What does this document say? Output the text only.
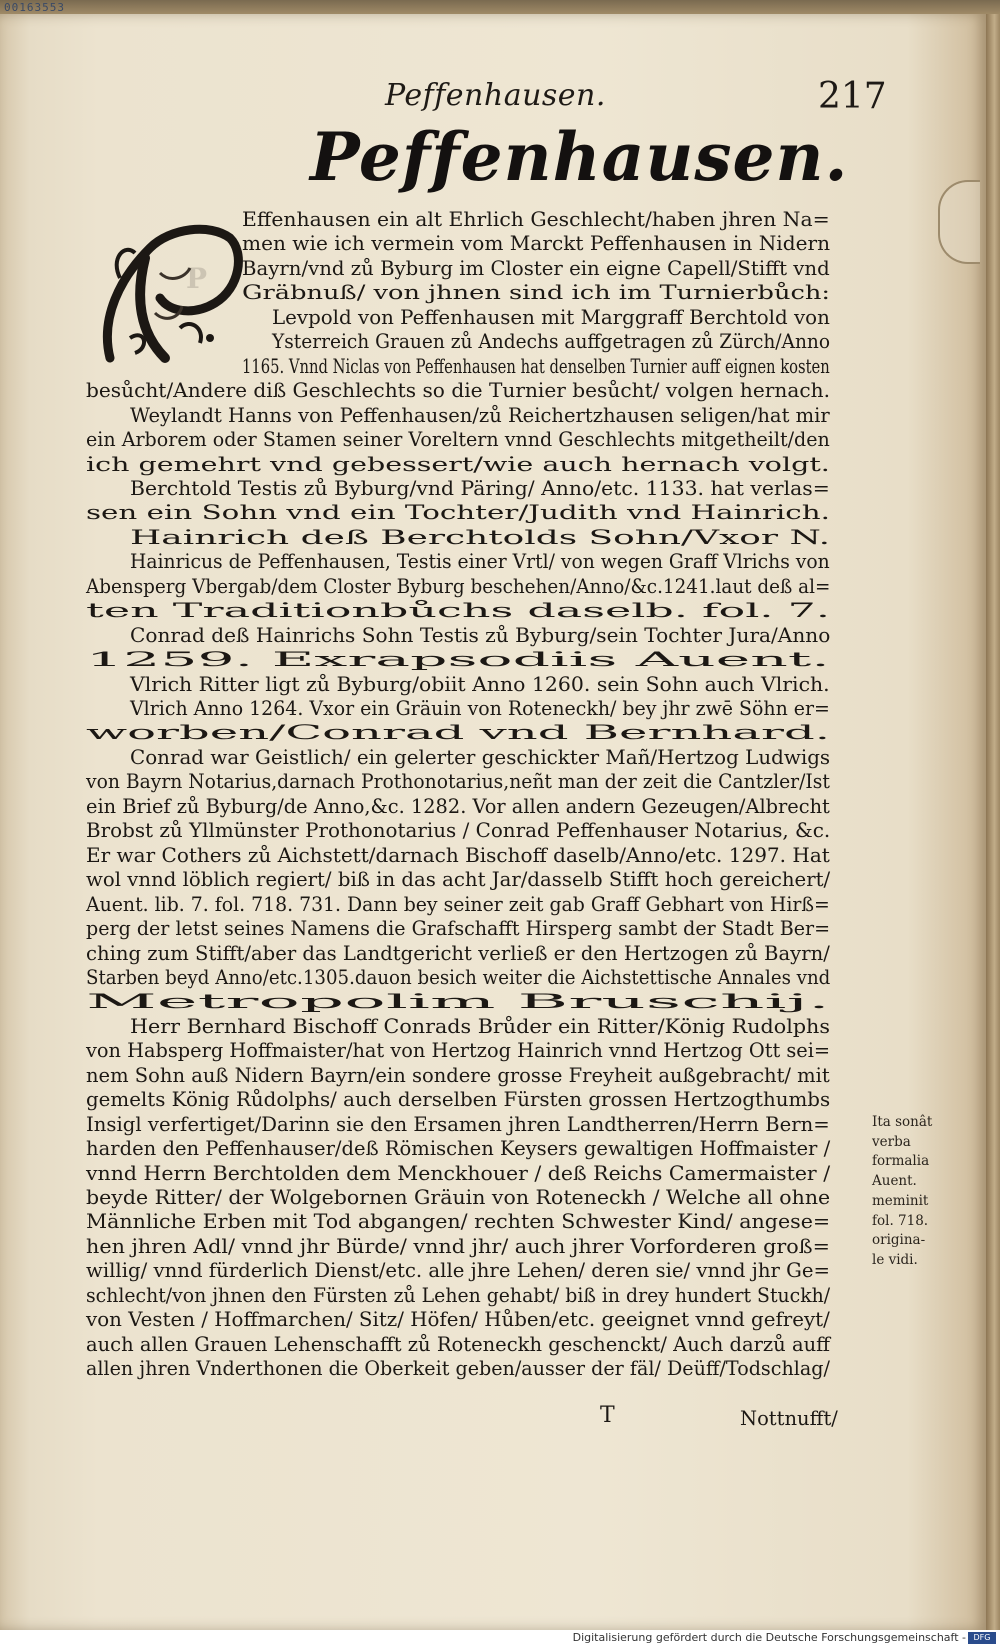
00163553
Peffenhausen.	217
Peffenhausen.
P
Effenhausen ein alt Ehrlich Geschlecht/haben jhren Na=
men wie ich vermein vom Marckt Peffenhausen in Nidern
Bayrn/vnd zů Byburg im Closter ein eigne Capell/Stifft vnd
Gräbnuß/ von jhnen sind ich im Turnierbůch:
Levpold von Peffenhausen mit Marggraff Berchtold von
Ysterreich Grauen zů Andechs auffgetragen zů Zürch/Anno
1165. Vnnd Niclas von Peffenhausen hat denselben Turnier auff eignen kosten
besůcht/Andere diß Geschlechts so die Turnier besůcht/ volgen hernach.
Weylandt Hanns von Peffenhausen/zů Reichertzhausen seligen/hat mir
ein Arborem oder Stamen seiner Voreltern vnnd Geschlechts mitgetheilt/den
ich gemehrt vnd gebessert/wie auch hernach volgt.
Berchtold Testis zů Byburg/vnd Päring/ Anno/etc. 1133. hat verlas=
sen ein Sohn vnd ein Tochter/Judith vnd Hainrich.
Hainrich deß Berchtolds Sohn/Vxor N.
Hainricus de Peffenhausen, Testis einer Vrtl/ von wegen Graff Vlrichs von
Abensperg Vbergab/dem Closter Byburg beschehen/Anno/&c.1241.laut deß al=
ten Traditionbůchs daselb. fol. 7.
Conrad deß Hainrichs Sohn Testis zů Byburg/sein Tochter Jura/Anno
1259. Exrapsodiis Auent.
Vlrich Ritter ligt zů Byburg/obiit Anno 1260. sein Sohn auch Vlrich.
Vlrich Anno 1264. Vxor ein Gräuin von Roteneckh/ bey jhr zwē Söhn er=
worben/Conrad vnd Bernhard.
Conrad war Geistlich/ ein gelerter geschickter Mañ/Hertzog Ludwigs
von Bayrn Notarius,darnach Prothonotarius,neñt man der zeit die Cantzler/Ist
ein Brief zů Byburg/de Anno,&c. 1282. Vor allen andern Gezeugen/Albrecht
Brobst zů Yllmünster Prothonotarius / Conrad Peffenhauser Notarius, &c.
Er war Cothers zů Aichstett/darnach Bischoff daselb/Anno/etc. 1297. Hat
wol vnnd löblich regiert/ biß in das acht Jar/dasselb Stifft hoch gereichert/
Auent. lib. 7. fol. 718. 731. Dann bey seiner zeit gab Graff Gebhart von Hirß=
perg der letst seines Namens die Grafschafft Hirsperg sambt der Stadt Ber=
ching zum Stifft/aber das Landtgericht verließ er den Hertzogen zů Bayrn/
Starben beyd Anno/etc.1305.dauon besich weiter die Aichstettische Annales vnd
Metropolim Bruschij.
Herr Bernhard Bischoff Conrads Brůder ein Ritter/König Rudolphs
von Habsperg Hoffmaister/hat von Hertzog Hainrich vnnd Hertzog Ott sei=
nem Sohn auß Nidern Bayrn/ein sondere grosse Freyheit außgebracht/ mit
gemelts König Růdolphs/ auch derselben Fürsten grossen Hertzogthumbs
Insigl verfertiget/Darinn sie den Ersamen jhren Landtherren/Herrn Bern=
harden den Peffenhauser/deß Römischen Keysers gewaltigen Hoffmaister /
vnnd Herrn Berchtolden dem Menckhouer / deß Reichs Camermaister /
beyde Ritter/ der Wolgebornen Gräuin von Roteneckh / Welche all ohne
Männliche Erben mit Tod abgangen/ rechten Schwester Kind/ angese=
hen jhren Adl/ vnnd jhr Bürde/ vnnd jhr/ auch jhrer Vorforderen groß=
willig/ vnnd fürderlich Dienst/etc. alle jhre Lehen/ deren sie/ vnnd jhr Ge=
schlecht/von jhnen den Fürsten zů Lehen gehabt/ biß in drey hundert Stuckh/
von Vesten / Hoffmarchen/ Sitz/ Höfen/ Hůben/etc. geeignet vnnd gefreyt/
auch allen Grauen Lehenschafft zů Roteneckh geschenckt/ Auch darzů auff
allen jhren Vnderthonen die Oberkeit geben/ausser der fäl/ Deüff/Todschlag/
Ita sonât
verba
formalia
Auent.
meminit
fol. 718.
origina-
le vidi.
T	Nottnufft/
Digitalisierung gefördert durch die Deutsche Forschungsgemeinschaft - DFG
